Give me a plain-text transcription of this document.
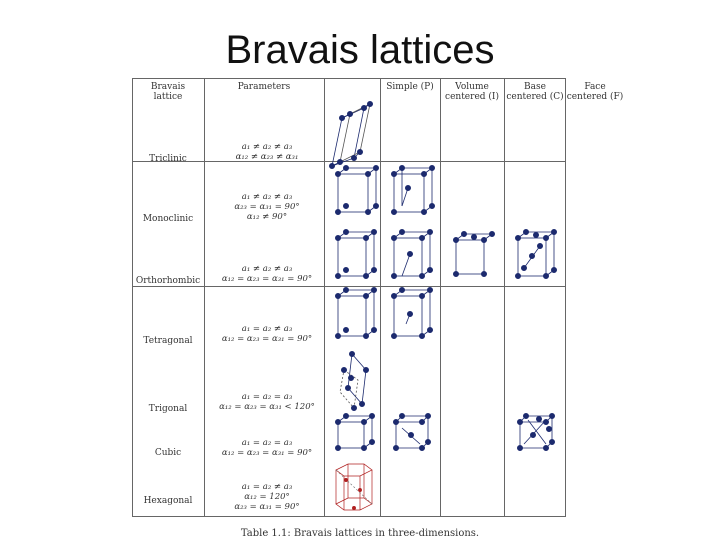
Bravais lattices
Bravais
lattice
Parameters	Simple (P)	Volume
centered (I)
Base
centered (C)
Face
centered (F)
Triclinic
a₁ ≠ a₂ ≠ a₃
α₁₂ ≠ α₂₃ ≠ α₃₁
Monoclinic
a₁ ≠ a₂ ≠ a₃
α₂₃ = α₃₁ = 90°
α₁₂ ≠ 90°
Orthorhombic
a₁ ≠ a₂ ≠ a₃
α₁₂ = α₂₃ = α₃₁ = 90°
Tetragonal
a₁ = a₂ ≠ a₃
α₁₂ = α₂₃ = α₃₁ = 90°
Trigonal
a₁ = a₂ = a₃
α₁₂ = α₂₃ = α₃₁ < 120°
Cubic
a₁ = a₂ = a₃
α₁₂ = α₂₃ = α₃₁ = 90°
Hexagonal
a₁ = a₂ ≠ a₃
α₁₂ = 120°
α₂₃ = α₃₁ = 90°
Table 1.1: Bravais lattices in three-dimensions.
